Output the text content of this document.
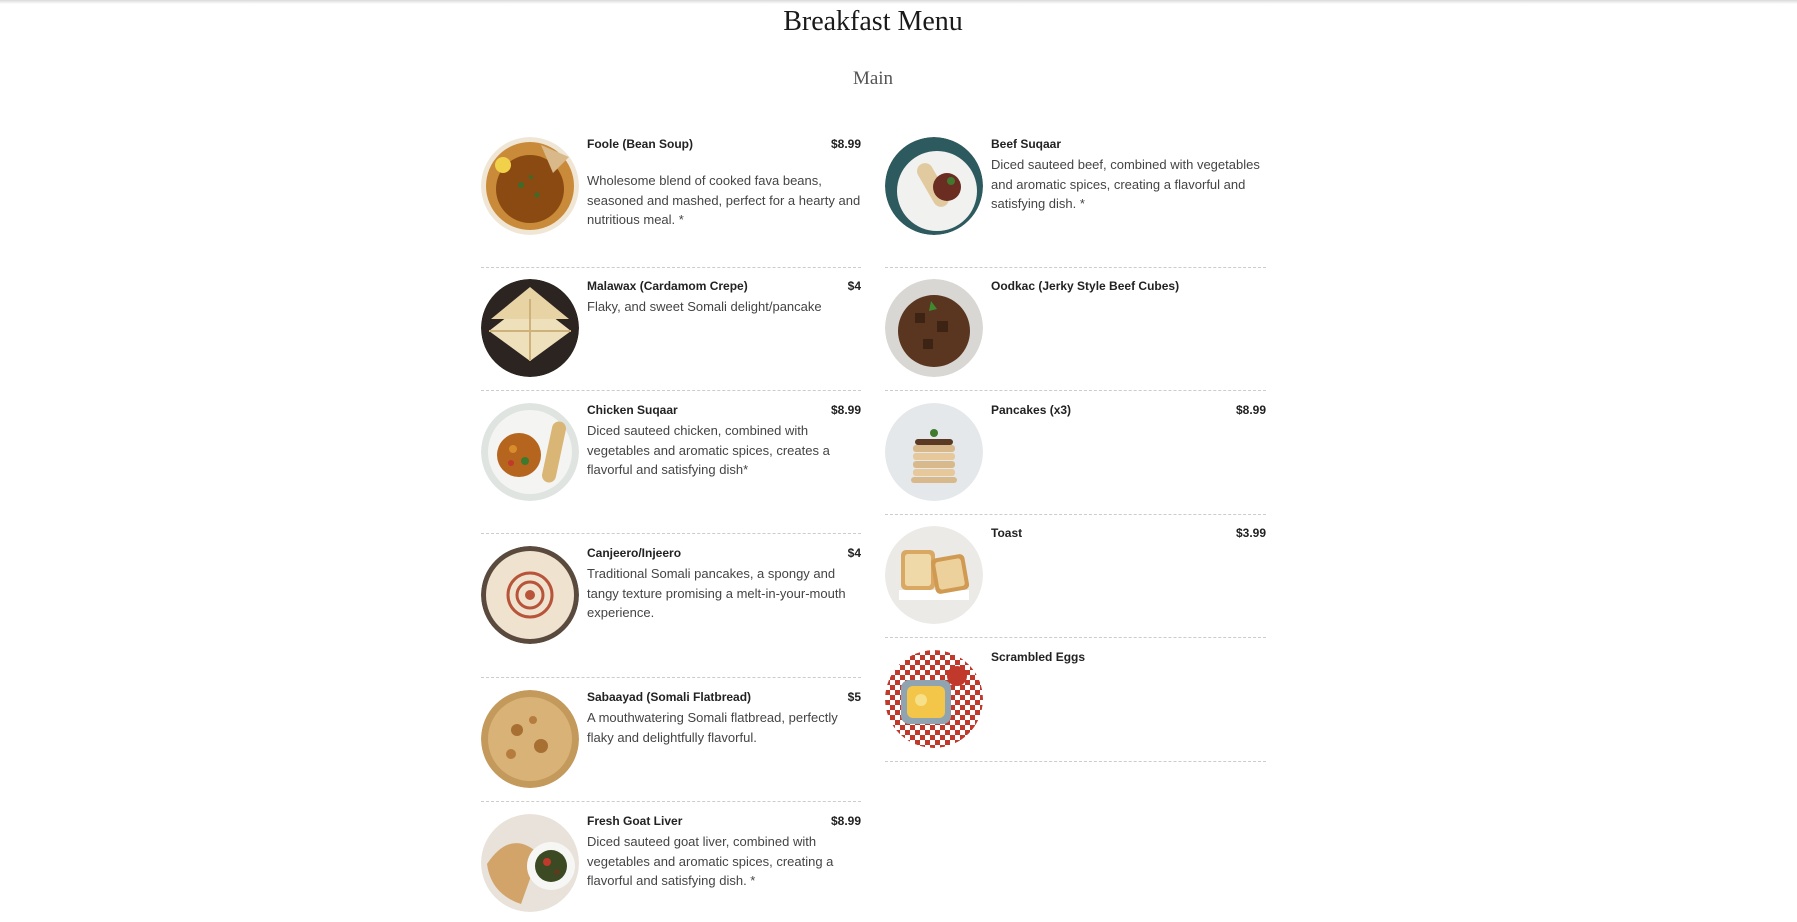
Breakfast Menu
Main
Foole (Bean Soup)	$8.99
Wholesome blend of cooked fava beans, seasoned and mashed, perfect for a hearty and nutritious meal. *
Malawax (Cardamom Crepe)	$4
Flaky, and sweet Somali delight/pancake
Chicken Suqaar	$8.99
Diced sauteed chicken, combined with vegetables and aromatic spices, creates a flavorful and satisfying dish*
Canjeero/Injeero	$4
Traditional Somali pancakes, a spongy and tangy texture promising a melt-in-your-mouth experience.
Sabaayad (Somali Flatbread)	$5
A mouthwatering Somali flatbread, perfectly flaky and delightfully flavorful.
Fresh Goat Liver	$8.99
Diced sauteed goat liver, combined with vegetables and aromatic spices, creating a flavorful and satisfying dish. *
Beef Suqaar
Diced sauteed beef, combined with vegetables and aromatic spices, creating a flavorful and satisfying dish. *
Oodkac (Jerky Style Beef Cubes)
Pancakes (x3)	$8.99
Toast	$3.99
Scrambled Eggs
